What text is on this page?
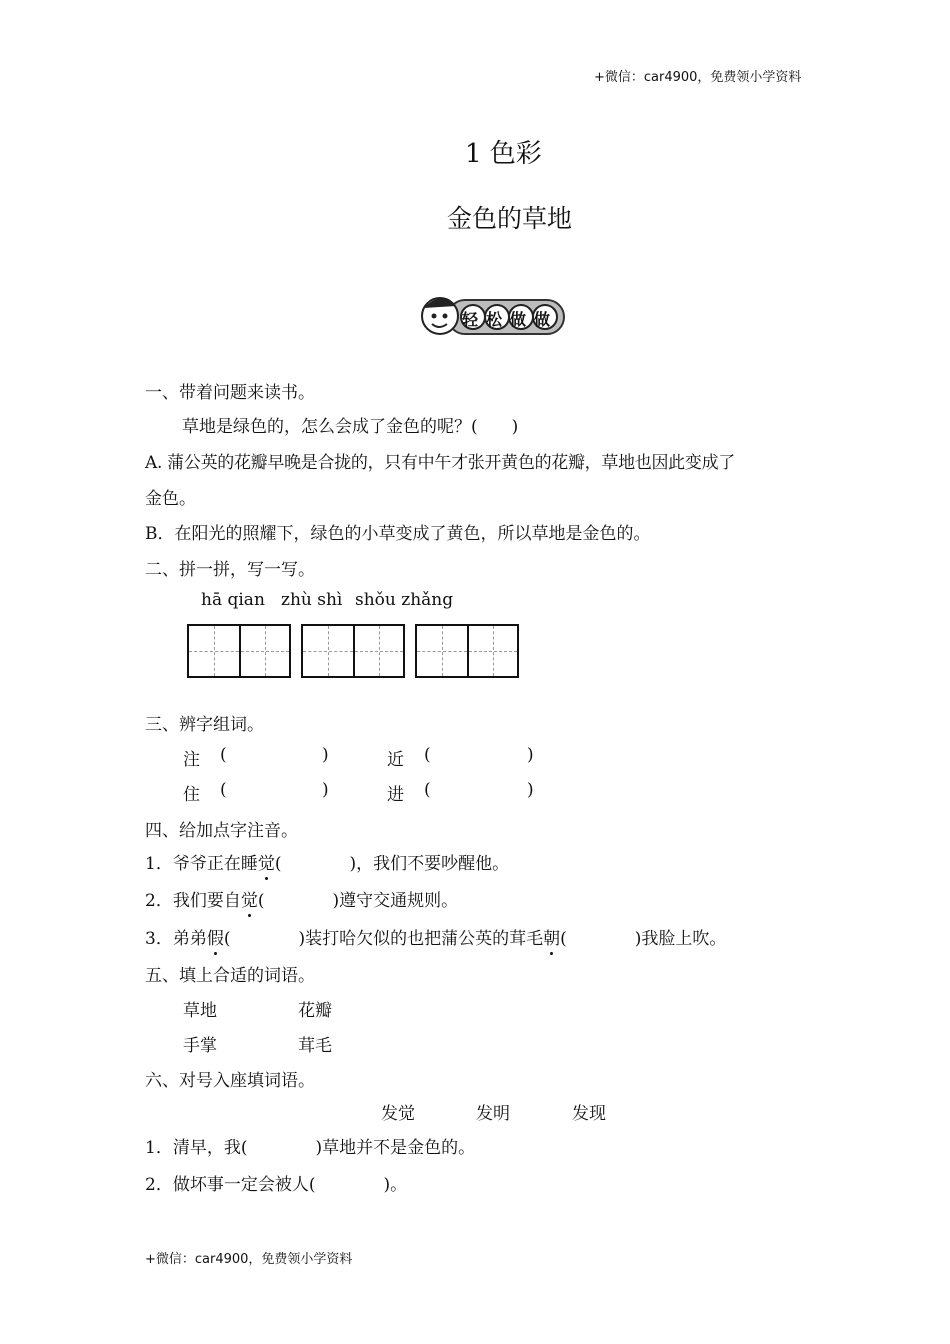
+微信：car4900，免费领小学资料
1 色彩
金色的草地
轻松做做
一、带着问题来读书。
草地是绿色的，怎么会成了金色的呢？(　　)
A. 蒲公英的花瓣早晚是合拢的，只有中午才张开黄色的花瓣，草地也因此变成了
金色。
B．在阳光的照耀下，绿色的小草变成了黄色，所以草地是金色的。
二、拼一拼，写一写。
hā qian zhù shì shǒu zhǎng
三、辨字组词。
注 (	)	近 (	)
住 (	)	进 (	)
四、给加点字注音。
1．爷爷正在睡觉(　　　　)，我们不要吵醒他。
2．我们要自觉(　　　　)遵守交通规则。
3．弟弟假(　　　　)装打哈欠似的也把蒲公英的茸毛朝(　　　　)我脸上吹。
五、填上合适的词语。
草地	花瓣
手掌	茸毛
六、对号入座填词语。
发觉	发明	发现
1．清早，我(　　　　)草地并不是金色的。
2．做坏事一定会被人(　　　　)。
+微信：car4900，免费领小学资料
